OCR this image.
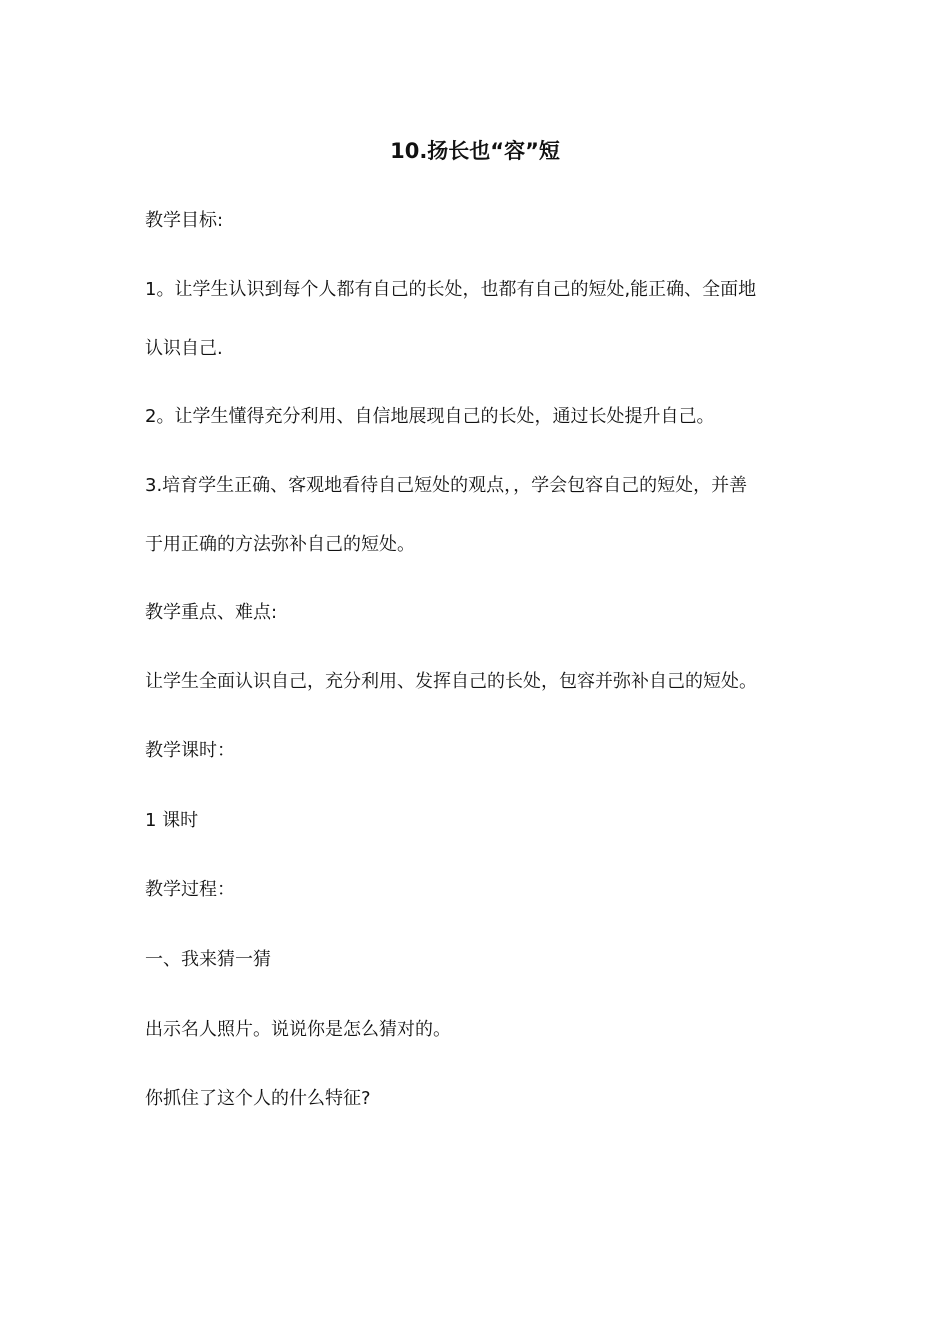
10.扬长也“容”短
教学目标:
1。让学生认识到每个人都有自己的长处，也都有自己的短处,能正确、全面地
认识自己.
2。让学生懂得充分利用、自信地展现自己的长处，通过长处提升自己。
3.培育学生正确、客观地看待自己短处的观点，，学会包容自己的短处，并善
于用正确的方法弥补自己的短处。
教学重点、难点:
让学生全面认识自己，充分利用、发挥自己的长处，包容并弥补自己的短处。
教学课时：
1 课时
教学过程：
一、我来猜一猜
出示名人照片。说说你是怎么猜对的。
你抓住了这个人的什么特征?
